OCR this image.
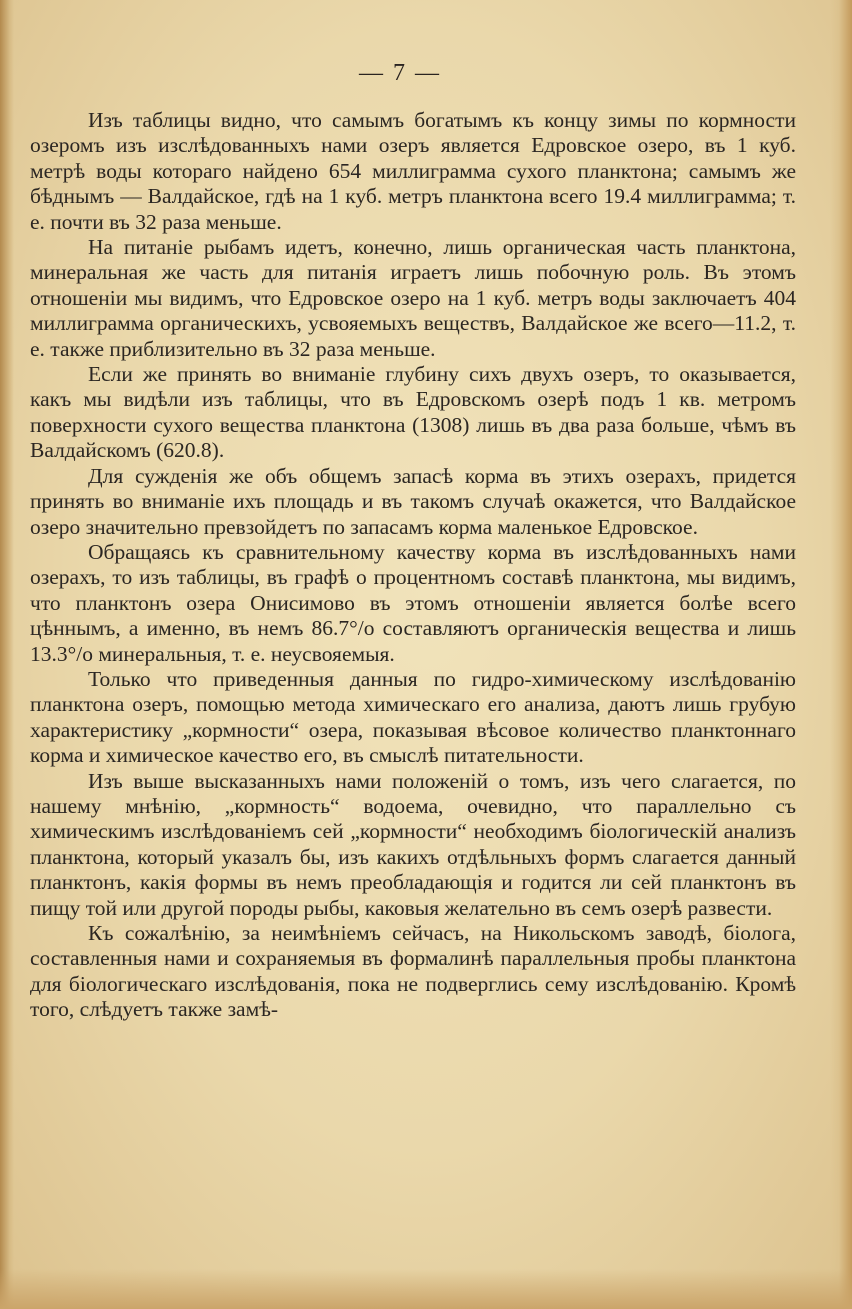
— 7 —

Изъ таблицы видно, что самымъ богатымъ къ концу зимы по кормности озеромъ изъ изслѣдованныхъ нами озеръ является Едровское озеро, въ 1 куб. метрѣ воды котораго найдено 654 миллиграмма сухого планктона; самымъ же бѣднымъ — Валдайское, гдѣ на 1 куб. метръ планктона всего 19.4 миллиграмма; т. е. почти въ 32 раза меньше.

На питаніе рыбамъ идетъ, конечно, лишь органическая часть планктона, минеральная же часть для питанія играетъ лишь побочную роль. Въ этомъ отношеніи мы видимъ, что Едровское озеро на 1 куб. метръ воды заключаетъ 404 миллиграмма органическихъ, усвояемыхъ веществъ, Валдайское же всего—11.2, т. е. также приблизительно въ 32 раза меньше.

Если же принять во вниманіе глубину сихъ двухъ озеръ, то оказывается, какъ мы видѣли изъ таблицы, что въ Едровскомъ озерѣ подъ 1 кв. метромъ поверхности сухого вещества планктона (1308) лишь въ два раза больше, чѣмъ въ Валдайскомъ (620.8).

Для сужденія же объ общемъ запасѣ корма въ этихъ озерахъ, придется принять во вниманіе ихъ площадь и въ такомъ случаѣ окажется, что Валдайское озеро значительно превзойдетъ по запасамъ корма маленькое Едровское.

Обращаясь къ сравнительному качеству корма въ изслѣдованныхъ нами озерахъ, то изъ таблицы, въ графѣ о процентномъ составѣ планктона, мы видимъ, что планктонъ озера Онисимово въ этомъ отношеніи является болѣе всего цѣннымъ, а именно, въ немъ 86.7°/о составляютъ органическія вещества и лишь 13.3°/о минеральныя, т. е. неусвояемыя.

Только что приведенныя данныя по гидро-химическому изслѣдованію планктона озеръ, помощью метода химическаго его анализа, даютъ лишь грубую характеристику „кормности“ озера, показывая вѣсовое количество планктоннаго корма и химическое качество его, въ смыслѣ питательности.

Изъ выше высказанныхъ нами положеній о томъ, изъ чего слагается, по нашему мнѣнію, „кормность“ водоема, очевидно, что параллельно съ химическимъ изслѣдованіемъ сей „кормности“ необходимъ біологическій анализъ планктона, который указалъ бы, изъ какихъ отдѣльныхъ формъ слагается данный планктонъ, какія формы въ немъ преобладающія и годится ли сей планктонъ въ пищу той или другой породы рыбы, каковыя желательно въ семъ озерѣ развести.

Къ сожалѣнію, за неимѣніемъ сейчасъ, на Никольскомъ заводѣ, біолога, составленныя нами и сохраняемыя въ формалинѣ параллельныя пробы планктона для біологическаго изслѣдованія, пока не подверглись сему изслѣдованію. Кромѣ того, слѣдуетъ также замѣ-
